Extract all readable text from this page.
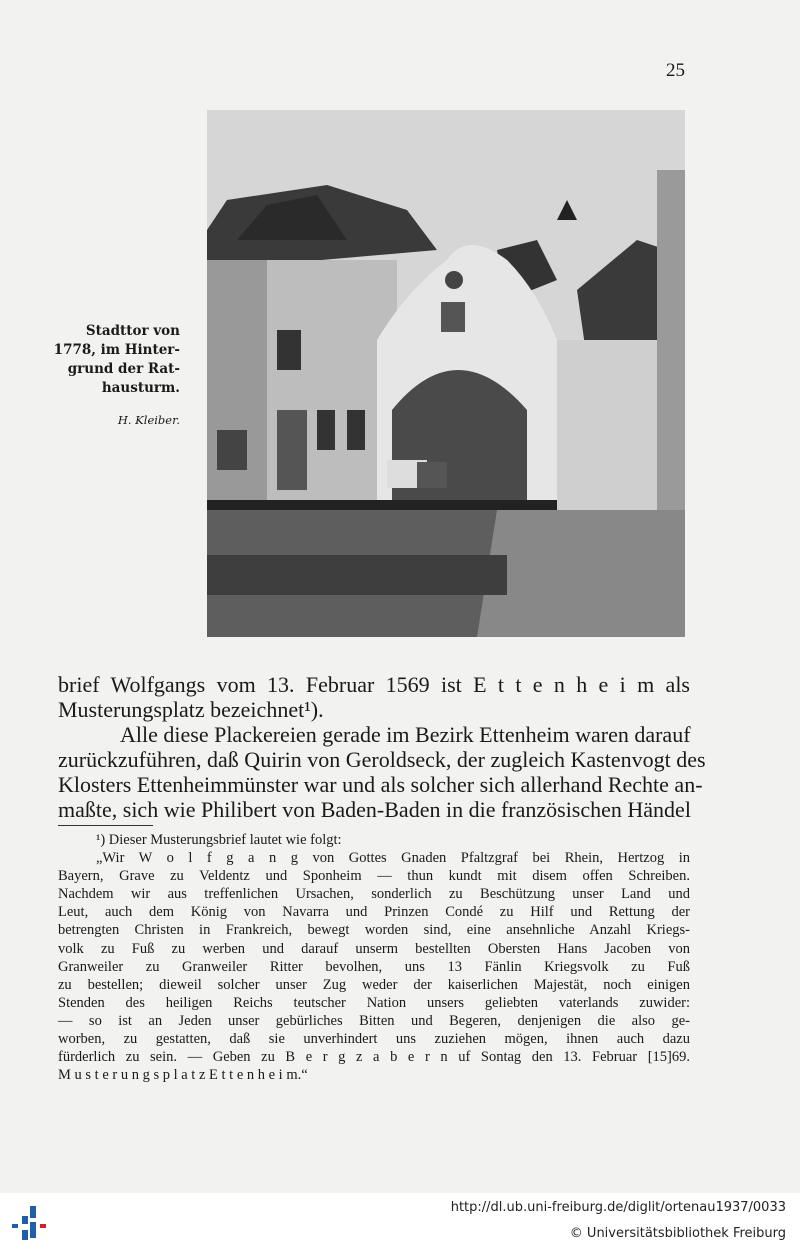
25
Stadttor von
1778, im Hinter-
grund der Rat-
hausturm.
H. Kleiber.
brief Wolfgangs vom 13. Februar 1569 ist E t t e n h e i m als
Musterungsplatz bezeichnet¹).
Alle diese Plackereien gerade im Bezirk Ettenheim waren darauf
zurückzuführen, daß Quirin von Geroldseck, der zugleich Kastenvogt des
Klosters Ettenheimmünster war und als solcher sich allerhand Rechte an-
maßte, sich wie Philibert von Baden-Baden in die französischen Händel
¹) Dieser Musterungsbrief lautet wie folgt:
„Wir W o l f g a n g von Gottes Gnaden Pfaltzgraf bei Rhein, Hertzog in
Bayern, Grave zu Veldentz und Sponheim — thun kundt mit disem offen Schreiben.
Nachdem wir aus treffenlichen Ursachen, sonderlich zu Beschützung unser Land und
Leut, auch dem König von Navarra und Prinzen Condé zu Hilf und Rettung der
betrengten Christen in Frankreich, bewegt worden sind, eine ansehnliche Anzahl Kriegs-
volk zu Fuß zu werben und darauf unserm bestellten Obersten Hans Jacoben von
Granweiler zu Granweiler Ritter bevolhen, uns 13 Fänlin Kriegsvolk zu Fuß
zu bestellen; dieweil solcher unser Zug weder der kaiserlichen Majestät, noch einigen
Stenden des heiligen Reichs teutscher Nation unsers geliebten vaterlands zuwider:
— so ist an Jeden unser gebürliches Bitten und Begeren, denjenigen die also ge-
worben, zu gestatten, daß sie unverhindert uns zuziehen mögen, ihnen auch dazu
fürderlich zu sein. — Geben zu B e r g z a b e r n uf Sontag den 13. Februar [15]69.
M u s t e r u n g s p l a t z E t t e n h e i m.“
http://dl.ub.uni-freiburg.de/diglit/ortenau1937/0033
© Universitätsbibliothek Freiburg
